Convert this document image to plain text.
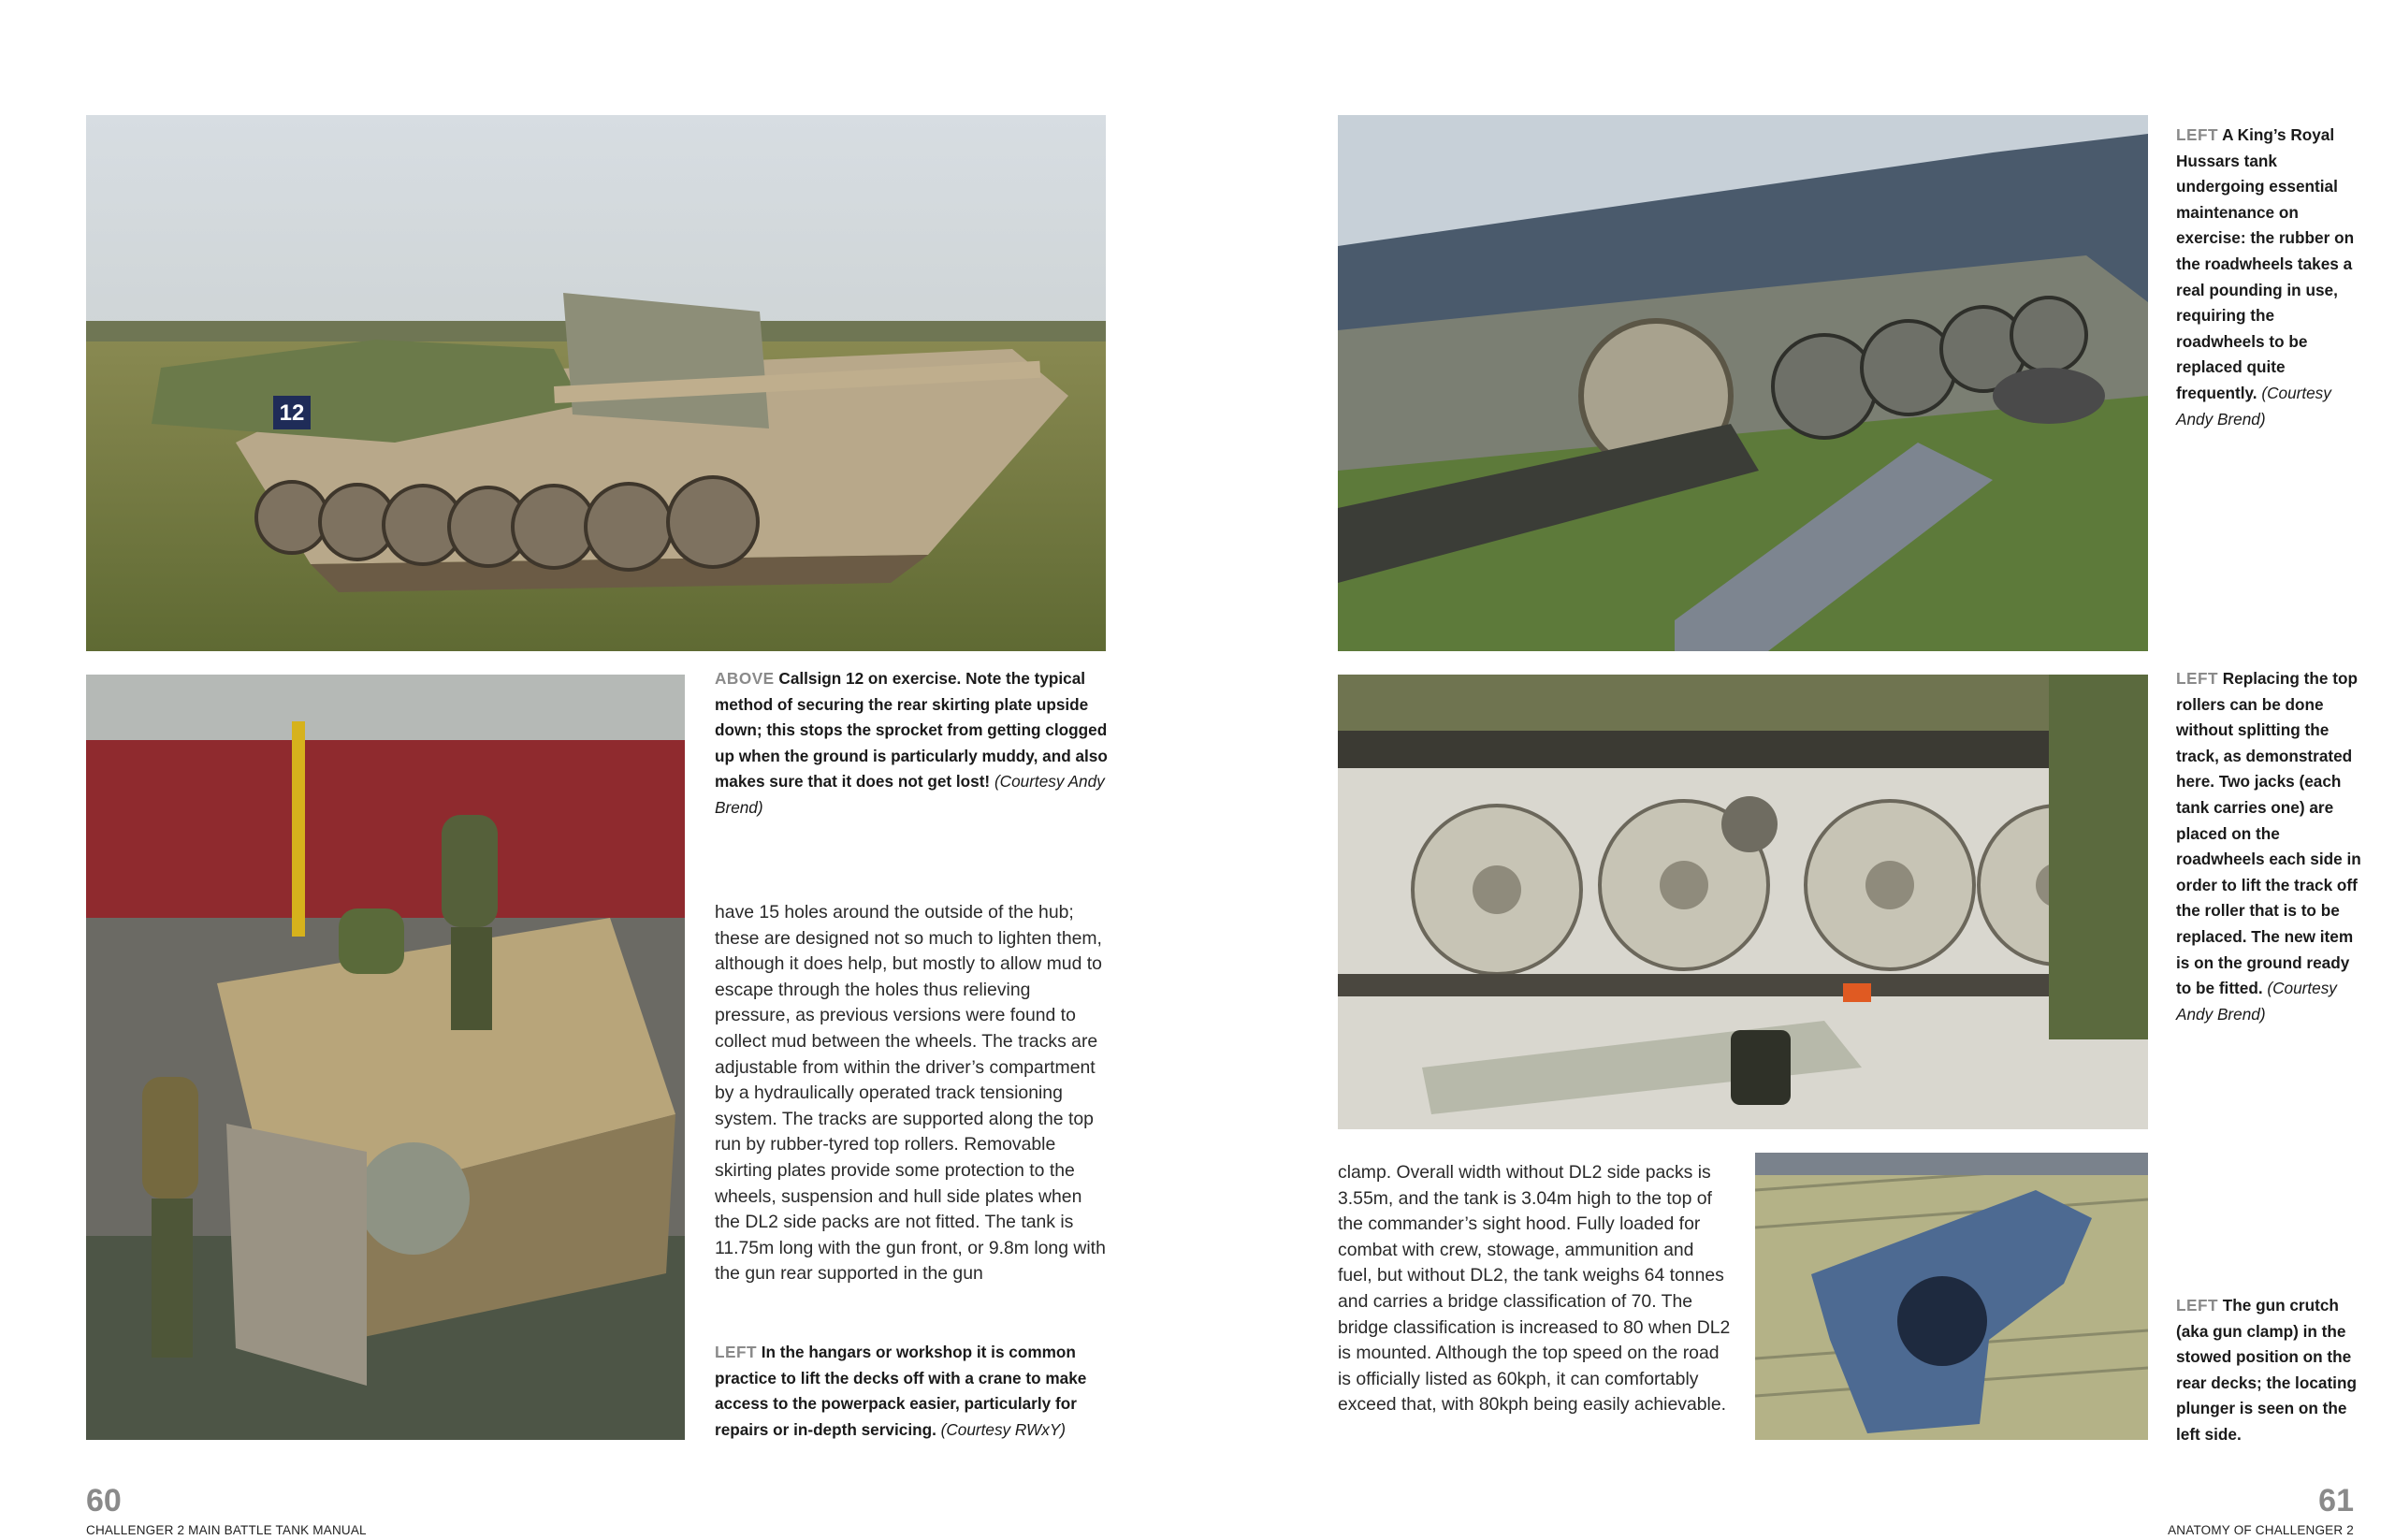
12
ABOVE Callsign 12 on exercise. Note the typical method of securing the rear skirting plate upside down; this stops the sprocket from getting clogged up when the ground is particularly muddy, and also makes sure that it does not get lost! (Courtesy Andy Brend)

have 15 holes around the outside of the hub; these are designed not so much to lighten them, although it does help, but mostly to allow mud to escape through the holes thus relieving pressure, as previous versions were found to collect mud between the wheels. The tracks are adjustable from within the driver’s compartment by a hydraulically operated track tensioning system. The tracks are supported along the top run by rubber-tyred top rollers. Removable skirting plates provide some protection to the wheels, suspension and hull side plates when the DL2 side packs are not fitted. The tank is 11.75m long with the gun front, or 9.8m long with the gun rear supported in the gun

LEFT In the hangars or workshop it is common practice to lift the decks off with a crane to make access to the powerpack easier, particularly for repairs or in-depth servicing. (Courtesy RWxY)
60
CHALLENGER 2 MAIN BATTLE TANK MANUAL
LEFT A King’s Royal Hussars tank undergoing essential maintenance on exercise: the rubber on the roadwheels takes a real pounding in use, requiring the roadwheels to be replaced quite frequently. (Courtesy Andy Brend)
LEFT Replacing the top rollers can be done without splitting the track, as demonstrated here. Two jacks (each tank carries one) are placed on the roadwheels each side in order to lift the track off the roller that is to be replaced. The new item is on the ground ready to be fitted. (Courtesy Andy Brend)

clamp. Overall width without DL2 side packs is 3.55m, and the tank is 3.04m high to the top of the commander’s sight hood. Fully loaded for combat with crew, stowage, ammunition and fuel, but without DL2, the tank weighs 64 tonnes and carries a bridge classification of 70. The bridge classification is increased to 80 when DL2 is mounted. Although the top speed on the road is officially listed as 60kph, it can comfortably exceed that, with 80kph being easily achievable.

LEFT The gun crutch (aka gun clamp) in the stowed position on the rear decks; the locating plunger is seen on the left side.
61
ANATOMY OF CHALLENGER 2
